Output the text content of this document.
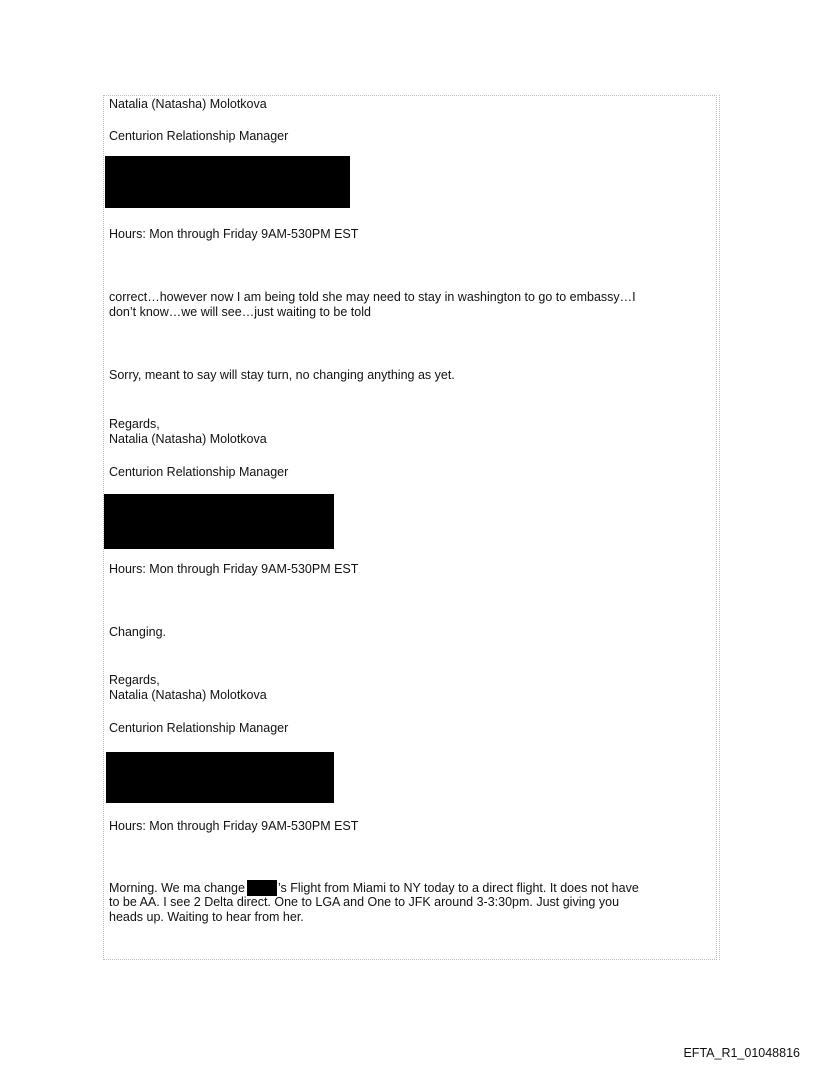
Natalia (Natasha) Molotkova
Centurion Relationship Manager
Hours: Mon through Friday 9AM-530PM EST
correct…however now I am being told she may need to stay in washington to go to embassy…I
don’t know…we will see…just waiting to be told
Sorry, meant to say will stay turn, no changing anything as yet.
Regards,
Natalia (Natasha) Molotkova
Centurion Relationship Manager
Hours: Mon through Friday 9AM-530PM EST
Changing.
Regards,
Natalia (Natasha) Molotkova
Centurion Relationship Manager
Hours: Mon through Friday 9AM-530PM EST
Morning. We ma change	’s Flight from Miami to NY today to a direct flight. It does not have
to be AA. I see 2 Delta direct. One to LGA and One to JFK around 3-3:30pm. Just giving you
heads up. Waiting to hear from her.
EFTA_R1_01048816
